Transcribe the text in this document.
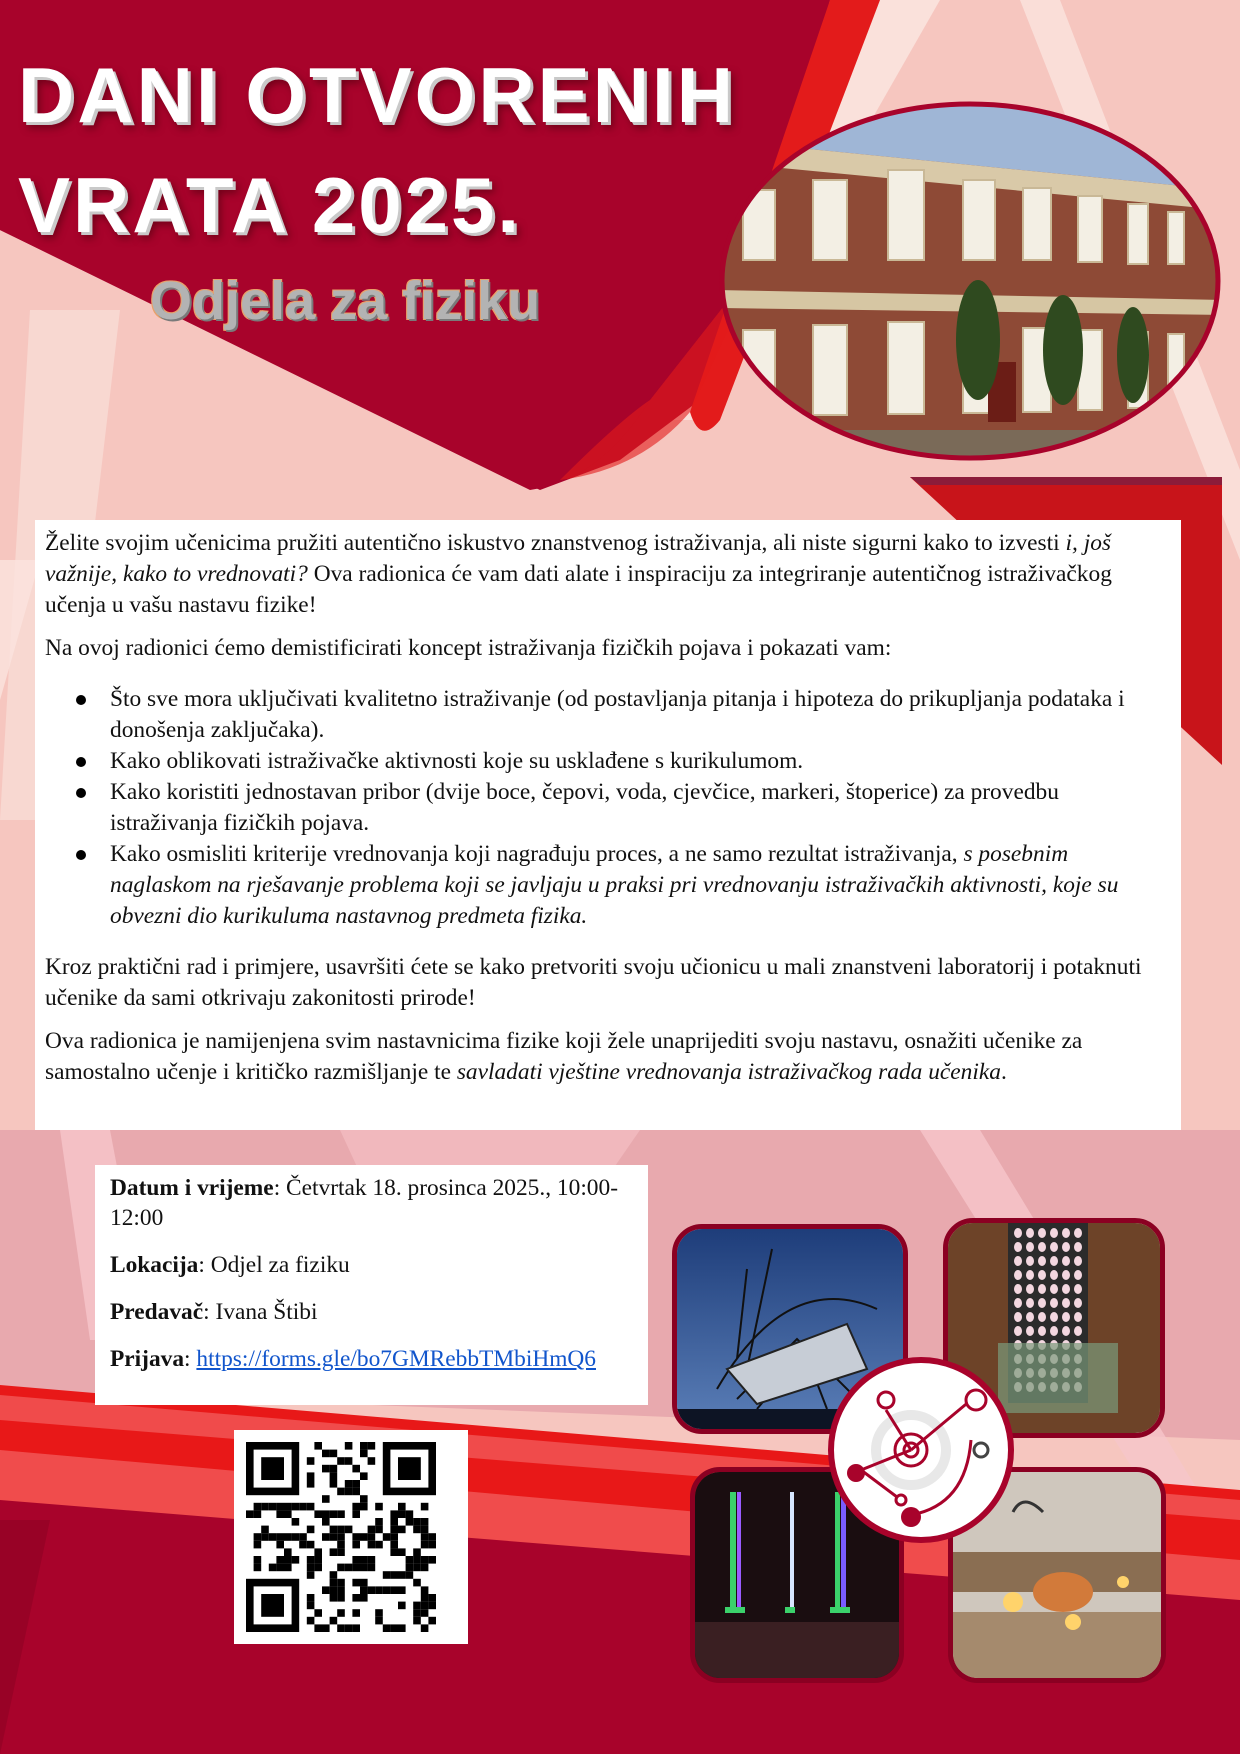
DANI OTVORENIH
VRATA 2025.
Odjela za fiziku

Želite svojim učenicima pružiti autentično iskustvo znanstvenog istraživanja, ali niste sigurni kako to izvesti i, još važnije, kako to vrednovati? Ova radionica će vam dati alate i inspiraciju za integriranje autentičnog istraživačkog učenja u vašu nastavu fizike!

Na ovoj radionici ćemo demistificirati koncept istraživanja fizičkih pojava i pokazati vam:

Što sve mora uključivati kvalitetno istraživanje (od postavljanja pitanja i hipoteza do prikupljanja podataka i donošenja zaključaka).
Kako oblikovati istraživačke aktivnosti koje su usklađene s kurikulumom.
Kako koristiti jednostavan pribor (dvije boce, čepovi, voda, cjevčice, markeri, štoperice) za provedbu istraživanja fizičkih pojava.
Kako osmisliti kriterije vrednovanja koji nagrađuju proces, a ne samo rezultat istraživanja, s posebnim naglaskom na rješavanje problema koji se javljaju u praksi pri vrednovanju istraživačkih aktivnosti, koje su obvezni dio kurikuluma nastavnog predmeta fizika.

Kroz praktični rad i primjere, usavršiti ćete se kako pretvoriti svoju učionicu u mali znanstveni laboratorij i potaknuti učenike da sami otkrivaju zakonitosti prirode!

Ova radionica je namijenjena svim nastavnicima fizike koji žele unaprijediti svoju nastavu, osnažiti učenike za samostalno učenje i kritičko razmišljanje te savladati vještine vrednovanja istraživačkog rada učenika.

Datum i vrijeme: Četvrtak 18. prosinca 2025., 10:00-12:00
Lokacija: Odjel za fiziku
Predavač: Ivana Štibi
Prijava: https://forms.gle/bo7GMRebbTMbiHmQ6
